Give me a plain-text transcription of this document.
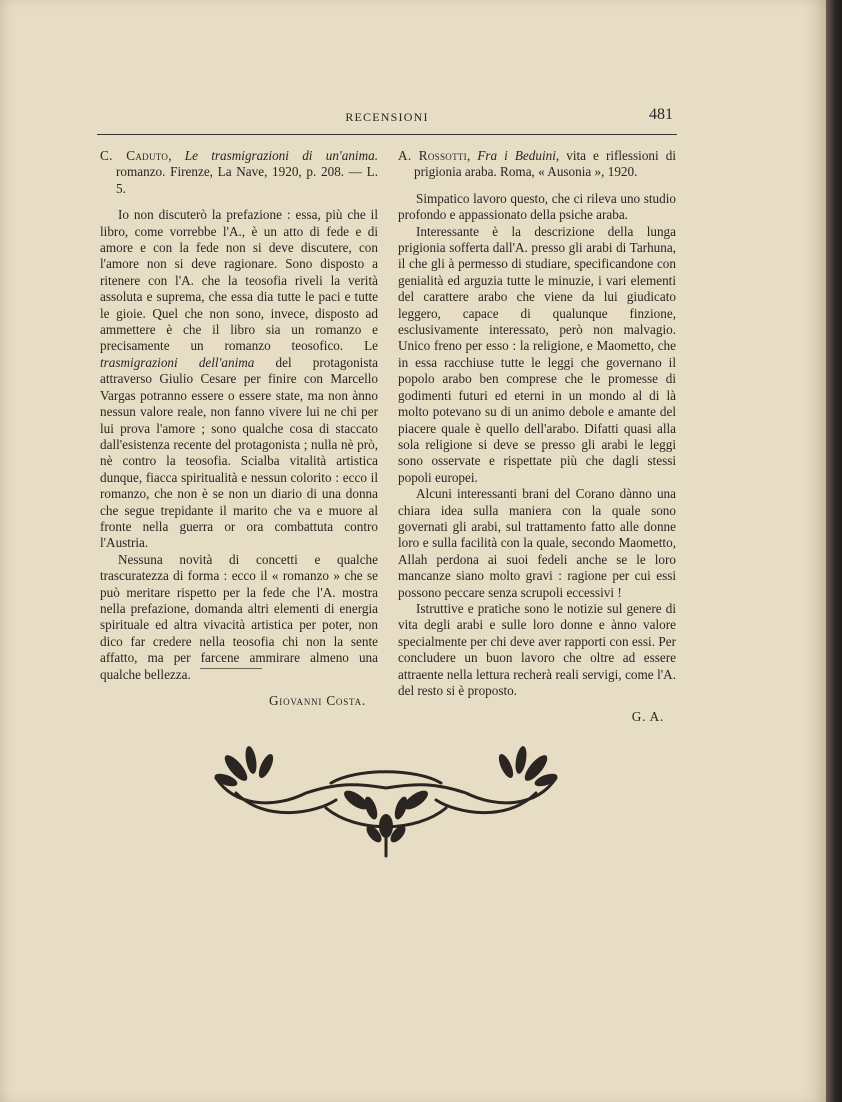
RECENSIONI	481

C. Caduto, Le trasmigrazioni di un'anima. romanzo. Firenze, La Nave, 1920, p. 208. — L. 5.

Io non discuterò la prefazione : essa, più che il libro, come vorrebbe l'A., è un atto di fede e di amore e con la fede non si deve discutere, con l'amore non si deve ragionare. Sono disposto a ritenere con l'A. che la teosofia riveli la verità assoluta e suprema, che essa dia tutte le paci e tutte le gioie. Quel che non sono, invece, disposto ad ammettere è che il libro sia un romanzo e precisamente un romanzo teosofico. Le trasmigrazioni dell'anima del protagonista attraverso Giulio Cesare per finire con Marcello Vargas potranno essere o essere state, ma non ànno nessun valore reale, non fanno vivere lui ne chi per lui prova l'amore ; sono qualche cosa di staccato dall'esistenza recente del protagonista ; nulla nè prò, nè contro la teosofia. Scialba vitalità artistica dunque, fiacca spiritualità e nessun colorito : ecco il romanzo, che non è se non un diario di una donna che segue trepidante il marito che va e muore al fronte nella guerra or ora combattuta contro l'Austria.

Nessuna novità di concetti e qualche trascuratezza di forma : ecco il « romanzo » che se può meritare rispetto per la fede che l'A. mostra nella prefazione, domanda altri elementi di energia spirituale ed altra vivacità artistica per poter, non dico far credere nella teosofia chi non la sente affatto, ma per farcene ammirare almeno una qualche bellezza.

Giovanni Costa.

A. Rossotti, Fra i Beduini, vita e riflessioni di prigionia araba. Roma, « Ausonia », 1920.

Simpatico lavoro questo, che ci rileva uno studio profondo e appassionato della psiche araba.

Interessante è la descrizione della lunga prigionia sofferta dall'A. presso gli arabi di Tarhuna, il che gli à permesso di studiare, specificandone con genialità ed arguzia tutte le minuzie, i vari elementi del carattere arabo che viene da lui giudicato leggero, capace di qualunque finzione, esclusivamente interessato, però non malvagio. Unico freno per esso : la religione, e Maometto, che in essa racchiuse tutte le leggi che governano il popolo arabo ben comprese che le promesse di godimenti futuri ed eterni in un mondo al di là molto potevano su di un animo debole e amante del piacere quale è quello dell'arabo. Difatti quasi alla sola religione si deve se presso gli arabi le leggi sono osservate e rispettate più che dagli stessi popoli europei.

Alcuni interessanti brani del Corano dànno una chiara idea sulla maniera con la quale sono governati gli arabi, sul trattamento fatto alle donne loro e sulla facilità con la quale, secondo Maometto, Allah perdona ai suoi fedeli anche se le loro mancanze siano molto gravi : ragione per cui essi possono peccare senza scrupoli eccessivi !

Istruttive e pratiche sono le notizie sul genere di vita degli arabi e sulle loro donne e ànno valore specialmente per chi deve aver rapporti con essi. Per concludere un buon lavoro che oltre ad essere attraente nella lettura recherà reali servigi, come l'A. del resto si è proposto.

G. A.
